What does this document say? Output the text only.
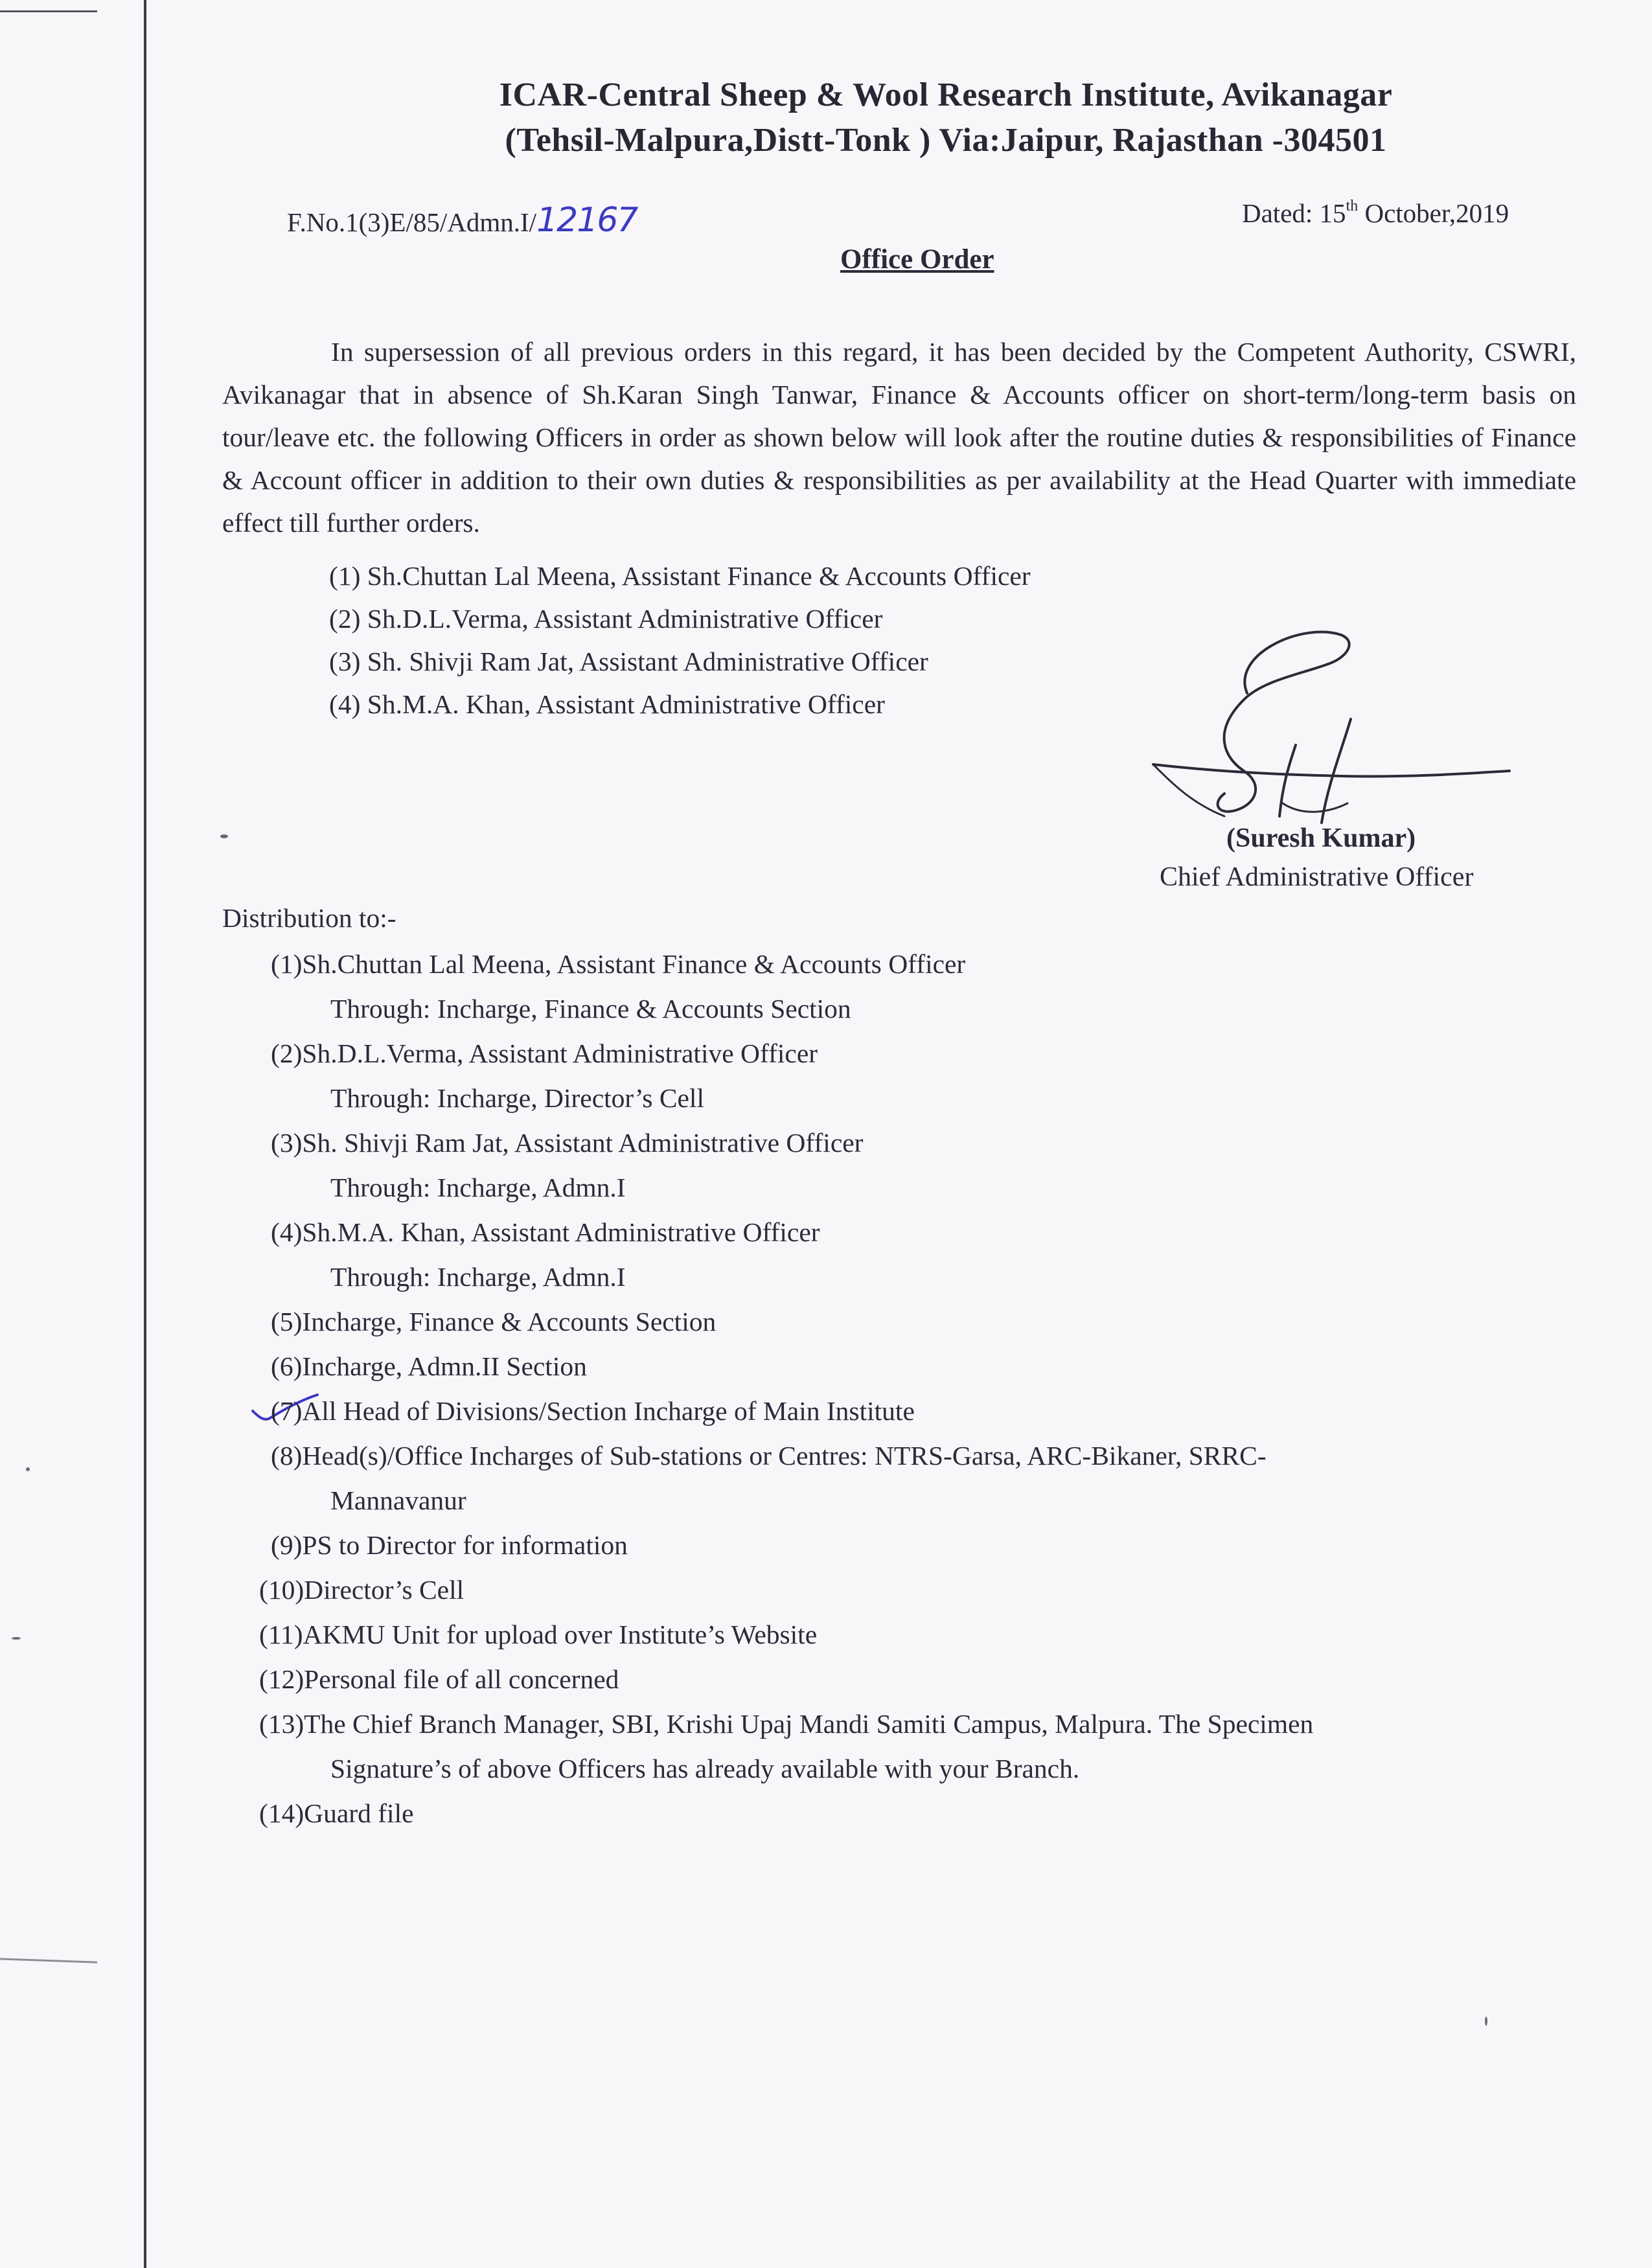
ICAR-Central Sheep & Wool Research Institute, Avikanagar
(Tehsil-Malpura,Distt-Tonk ) Via:Jaipur, Rajasthan -304501
F.No.1(3)E/85/Admn.I/12167	Dated: 15th October,2019
Office Order
In supersession of all previous orders in this regard, it has been decided by the Competent Authority, CSWRI, Avikanagar that in absence of Sh.Karan Singh Tanwar, Finance & Accounts officer on short-term/long-term basis on tour/leave etc. the following Officers in order as shown below will look after the routine duties & responsibilities of Finance & Account officer in addition to their own duties & responsibilities as per availability at the Head Quarter with immediate effect till further orders.
(1) Sh.Chuttan Lal Meena, Assistant Finance & Accounts Officer
(2) Sh.D.L.Verma, Assistant Administrative Officer
(3) Sh. Shivji Ram Jat, Assistant Administrative Officer
(4) Sh.M.A. Khan, Assistant Administrative Officer
(Suresh Kumar)
Chief Administrative Officer
Distribution to:-
(1)Sh.Chuttan Lal Meena, Assistant Finance & Accounts Officer
Through: Incharge, Finance & Accounts Section
(2)Sh.D.L.Verma, Assistant Administrative Officer
Through: Incharge, Director’s Cell
(3)Sh. Shivji Ram Jat, Assistant Administrative Officer
Through: Incharge, Admn.I
(4)Sh.M.A. Khan, Assistant Administrative Officer
Through: Incharge, Admn.I
(5)Incharge, Finance & Accounts Section
(6)Incharge, Admn.II Section
(7)All Head of Divisions/Section Incharge of Main Institute
(8)Head(s)/Office Incharges of Sub-stations or Centres: NTRS-Garsa, ARC-Bikaner, SRRC-
Mannavanur
(9)PS to Director for information
(10)Director’s Cell
(11)AKMU Unit for upload over Institute’s Website
(12)Personal file of all concerned
(13)The Chief Branch Manager, SBI, Krishi Upaj Mandi Samiti Campus, Malpura. The Specimen
Signature’s of above Officers has already available with your Branch.
(14)Guard file
